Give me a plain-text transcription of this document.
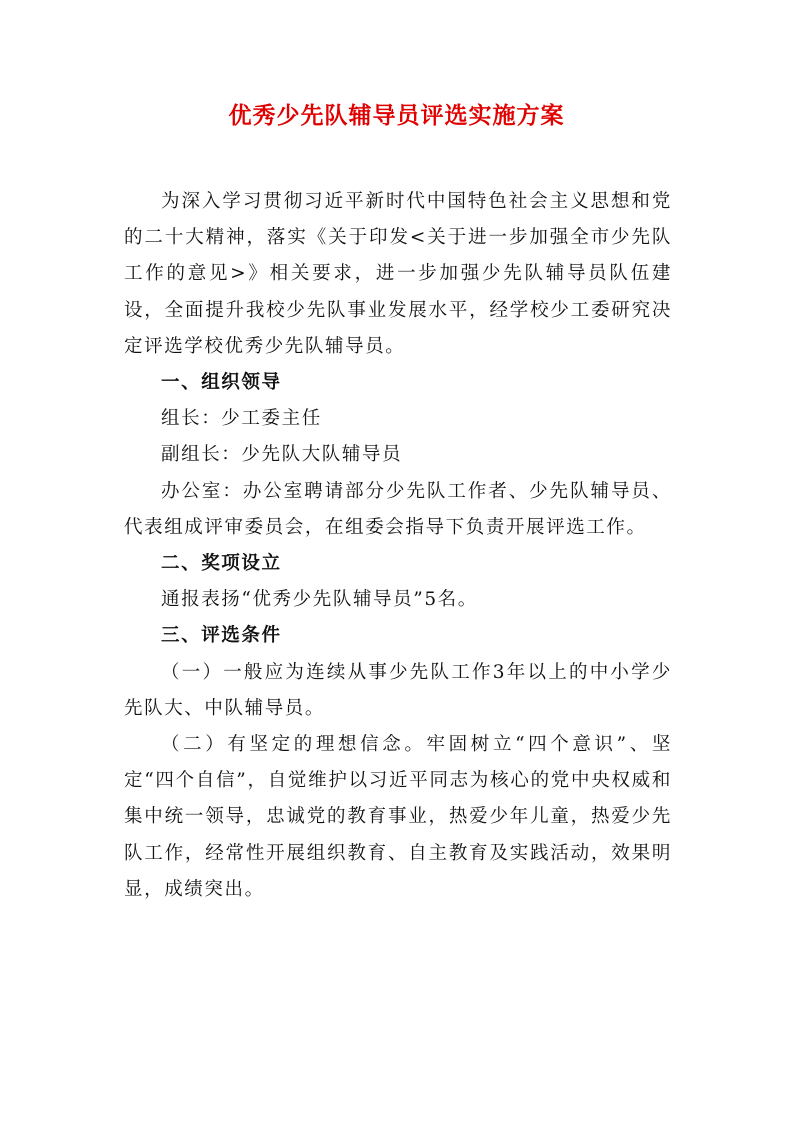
优秀少先队辅导员评选实施方案

为深入学习贯彻习近平新时代中国特色社会主义思想和党的二十大精神，落实《关于印发<关于进一步加强全市少先队工作的意见>》相关要求，进一步加强少先队辅导员队伍建设，全面提升我校少先队事业发展水平，经学校少工委研究决定评选学校优秀少先队辅导员。

一、组织领导

组长：少工委主任

副组长：少先队大队辅导员

办公室：办公室聘请部分少先队工作者、少先队辅导员、代表组成评审委员会，在组委会指导下负责开展评选工作。

二、奖项设立

通报表扬“优秀少先队辅导员”5名。

三、评选条件

（一）一般应为连续从事少先队工作3年以上的中小学少先队大、中队辅导员。

（二）有坚定的理想信念。牢固树立“四个意识”、坚定“四个自信”，自觉维护以习近平同志为核心的党中央权威和集中统一领导，忠诚党的教育事业，热爱少年儿童，热爱少先队工作，经常性开展组织教育、自主教育及实践活动，效果明显，成绩突出。
